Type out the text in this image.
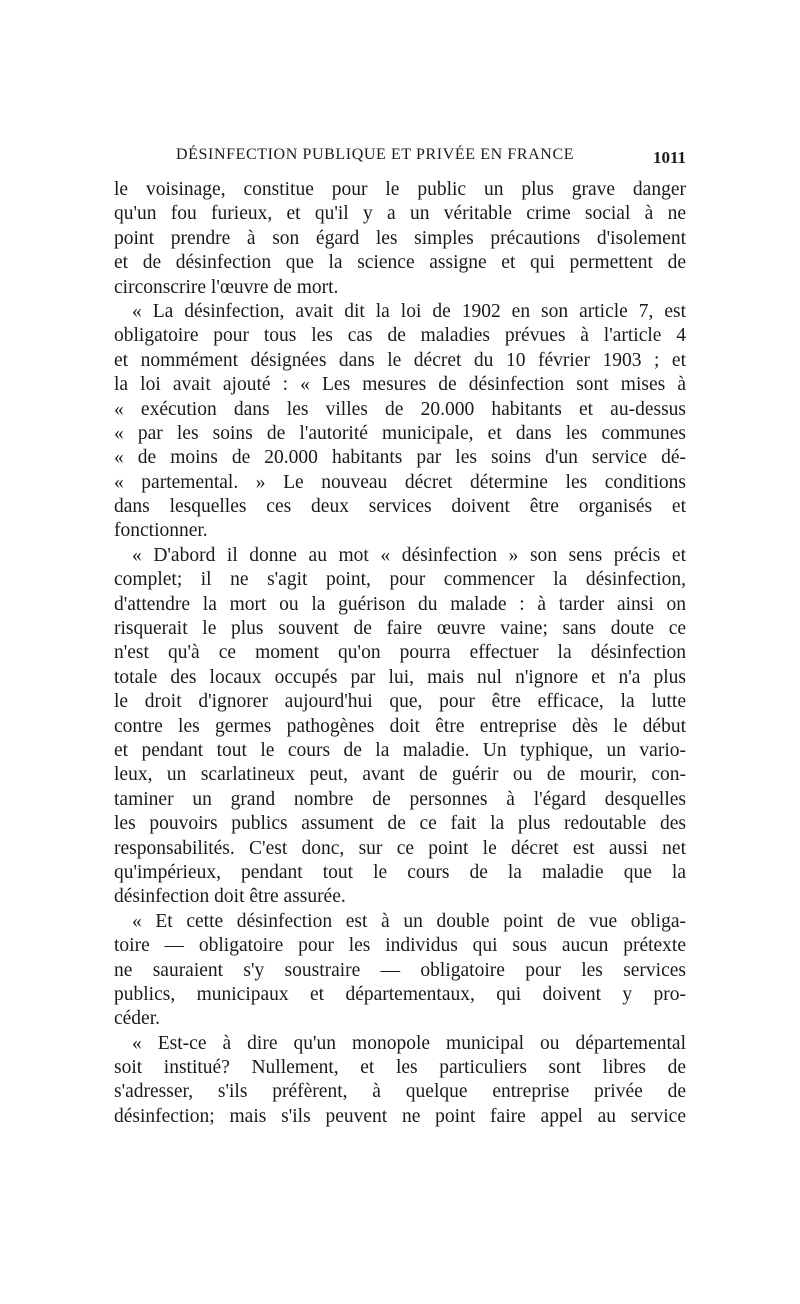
DÉSINFECTION PUBLIQUE ET PRIVÉE EN FRANCE	1011
le voisinage, constitue pour le public un plus grave danger
qu'un fou furieux, et qu'il y a un véritable crime social à ne
point prendre à son égard les simples précautions d'isolement
et de désinfection que la science assigne et qui permettent de
circonscrire l'œuvre de mort.
« La désinfection, avait dit la loi de 1902 en son article 7, est
obligatoire pour tous les cas de maladies prévues à l'article 4
et nommément désignées dans le décret du 10 février 1903 ; et
la loi avait ajouté : « Les mesures de désinfection sont mises à
« exécution dans les villes de 20.000 habitants et au-dessus
« par les soins de l'autorité municipale, et dans les communes
« de moins de 20.000 habitants par les soins d'un service dé-
« partemental. » Le nouveau décret détermine les conditions
dans lesquelles ces deux services doivent être organisés et
fonctionner.
« D'abord il donne au mot « désinfection » son sens précis et
complet; il ne s'agit point, pour commencer la désinfection,
d'attendre la mort ou la guérison du malade : à tarder ainsi on
risquerait le plus souvent de faire œuvre vaine; sans doute ce
n'est qu'à ce moment qu'on pourra effectuer la désinfection
totale des locaux occupés par lui, mais nul n'ignore et n'a plus
le droit d'ignorer aujourd'hui que, pour être efficace, la lutte
contre les germes pathogènes doit être entreprise dès le début
et pendant tout le cours de la maladie. Un typhique, un vario-
leux, un scarlatineux peut, avant de guérir ou de mourir, con-
taminer un grand nombre de personnes à l'égard desquelles
les pouvoirs publics assument de ce fait la plus redoutable des
responsabilités. C'est donc, sur ce point le décret est aussi net
qu'impérieux, pendant tout le cours de la maladie que la
désinfection doit être assurée.
« Et cette désinfection est à un double point de vue obliga-
toire — obligatoire pour les individus qui sous aucun prétexte
ne sauraient s'y soustraire — obligatoire pour les services
publics, municipaux et départementaux, qui doivent y pro-
céder.
« Est-ce à dire qu'un monopole municipal ou départemental
soit institué? Nullement, et les particuliers sont libres de
s'adresser, s'ils préfèrent, à quelque entreprise privée de
désinfection; mais s'ils peuvent ne point faire appel au service
